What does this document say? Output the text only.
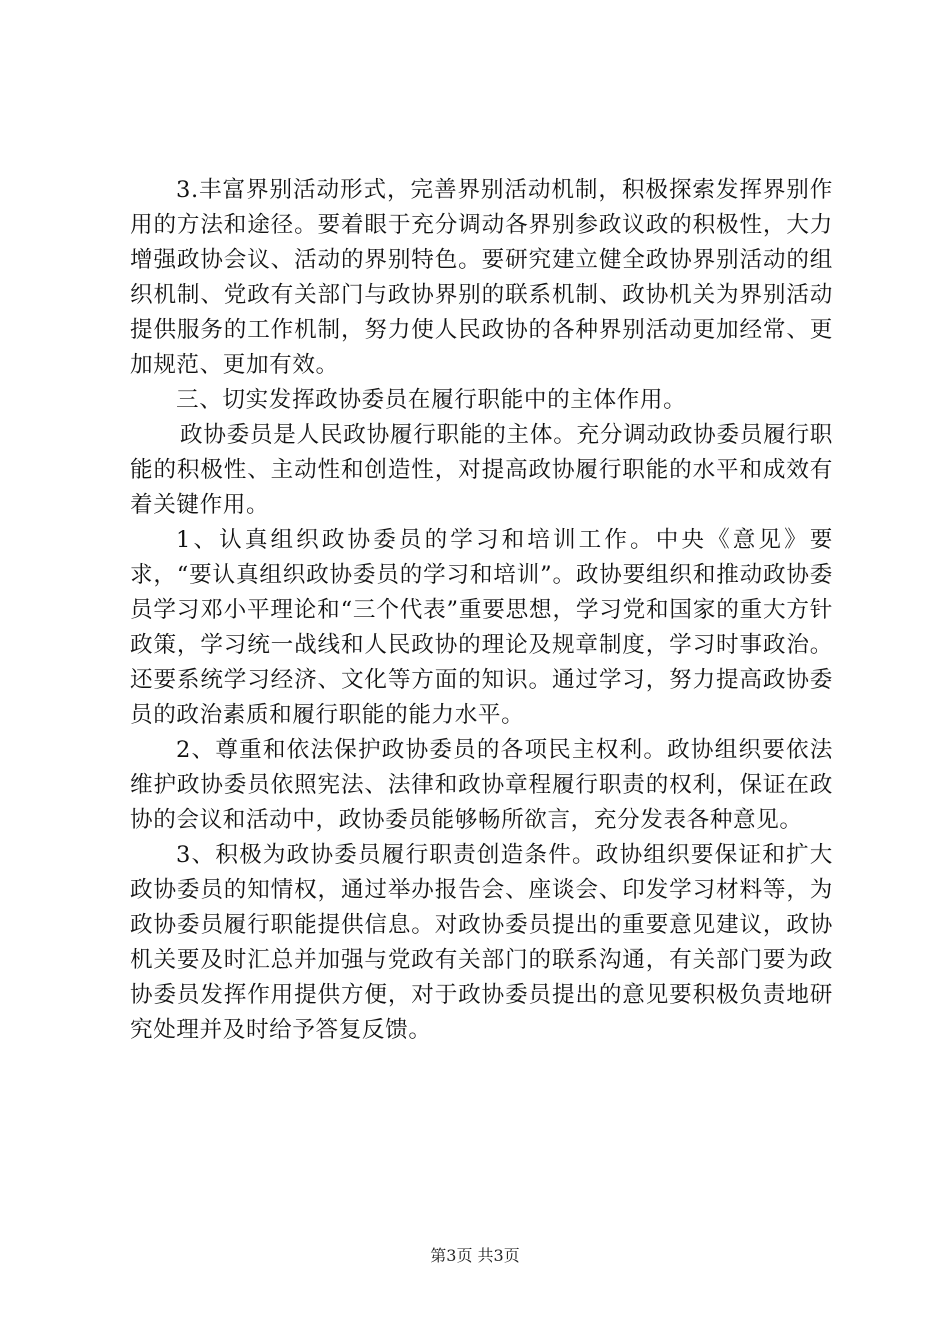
3.丰富界别活动形式，完善界别活动机制，积极探索发挥界别作用的方法和途径。要着眼于充分调动各界别参政议政的积极性，大力增强政协会议、活动的界别特色。要研究建立健全政协界别活动的组织机制、党政有关部门与政协界别的联系机制、政协机关为界别活动提供服务的工作机制，努力使人民政协的各种界别活动更加经常、更加规范、更加有效。

三、切实发挥政协委员在履行职能中的主体作用。

政协委员是人民政协履行职能的主体。充分调动政协委员履行职能的积极性、主动性和创造性，对提高政协履行职能的水平和成效有着关键作用。

1、认真组织政协委员的学习和培训工作。中央《意见》要求，“要认真组织政协委员的学习和培训”。政协要组织和推动政协委员学习邓小平理论和“三个代表”重要思想，学习党和国家的重大方针政策，学习统一战线和人民政协的理论及规章制度，学习时事政治。还要系统学习经济、文化等方面的知识。通过学习，努力提高政协委员的政治素质和履行职能的能力水平。

2、尊重和依法保护政协委员的各项民主权利。政协组织要依法维护政协委员依照宪法、法律和政协章程履行职责的权利，保证在政协的会议和活动中，政协委员能够畅所欲言，充分发表各种意见。

3、积极为政协委员履行职责创造条件。政协组织要保证和扩大政协委员的知情权，通过举办报告会、座谈会、印发学习材料等，为政协委员履行职能提供信息。对政协委员提出的重要意见建议，政协机关要及时汇总并加强与党政有关部门的联系沟通，有关部门要为政协委员发挥作用提供方便，对于政协委员提出的意见要积极负责地研究处理并及时给予答复反馈。

第3页 共3页
